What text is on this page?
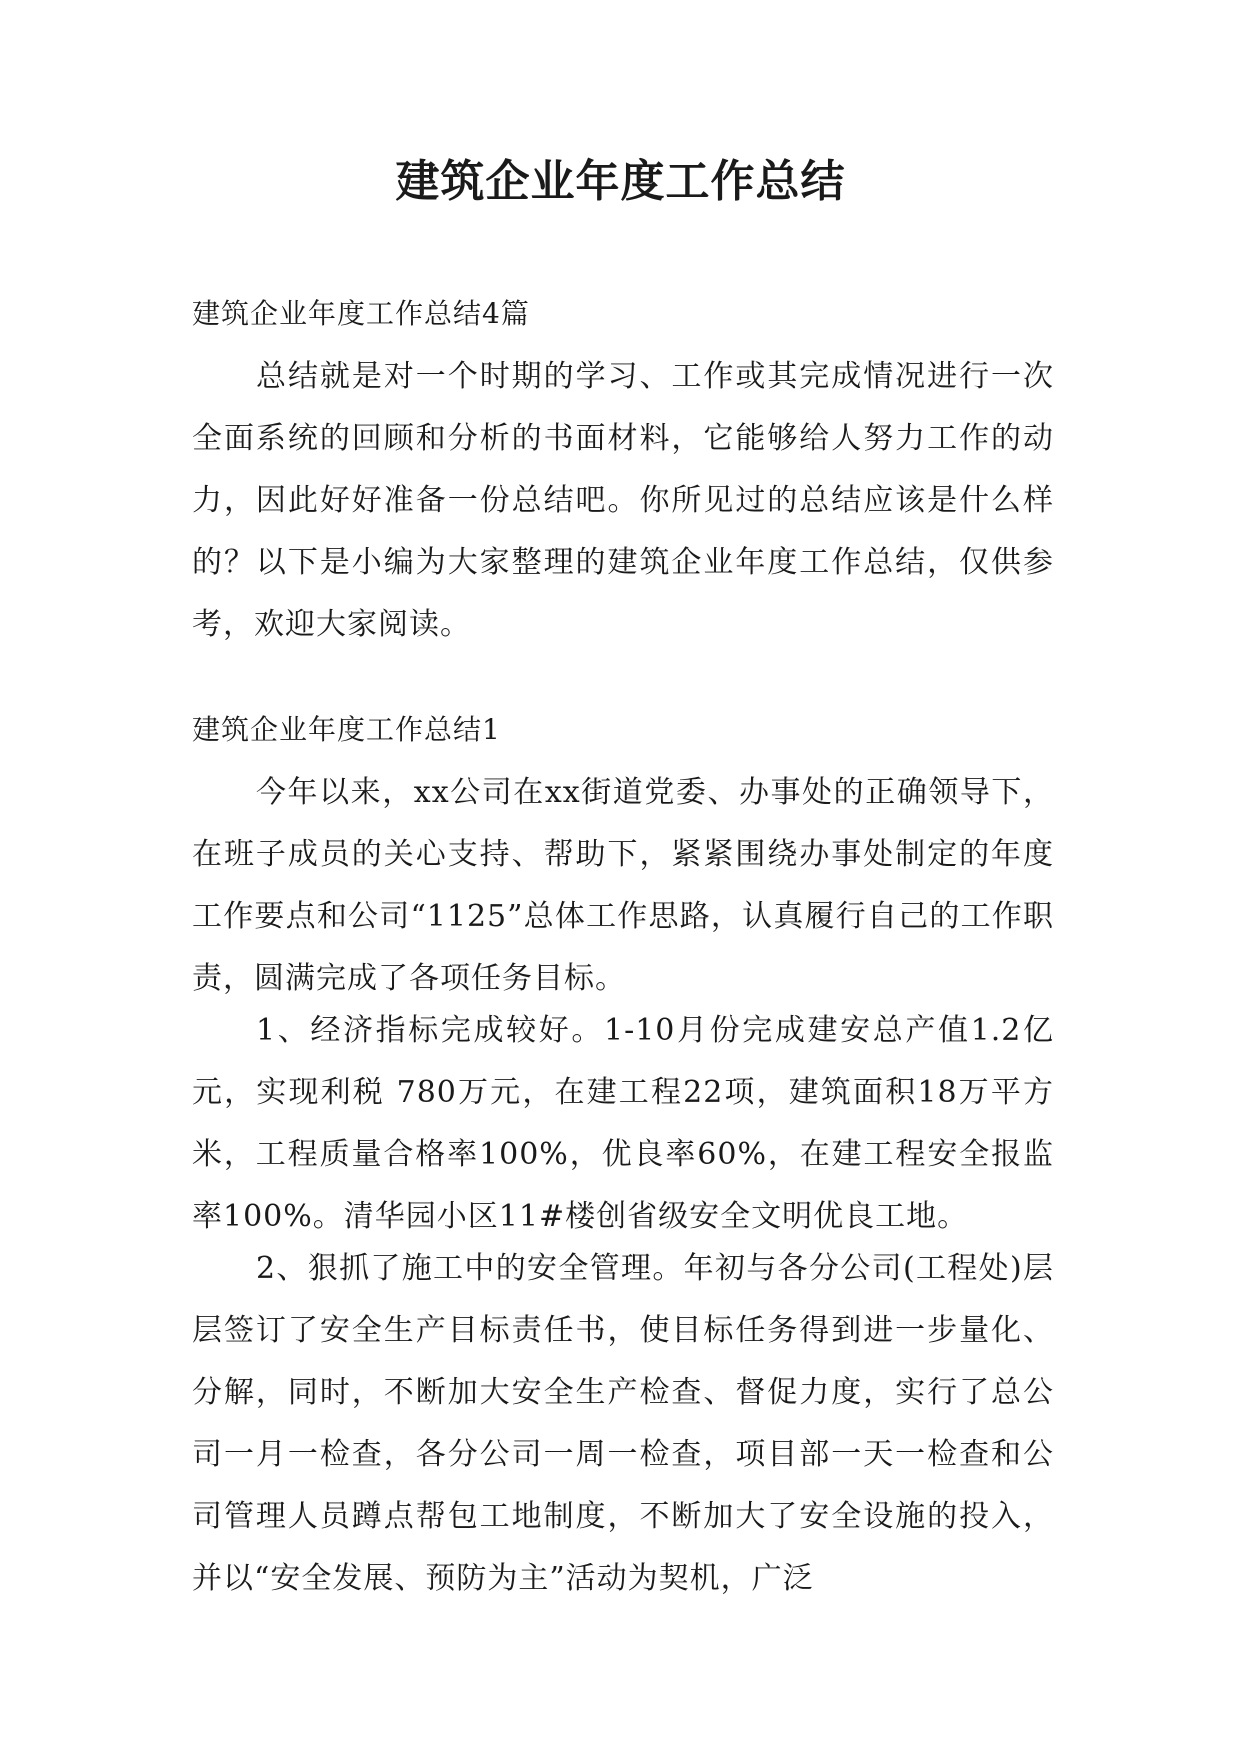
建筑企业年度工作总结
建筑企业年度工作总结4篇

总结就是对一个时期的学习、工作或其完成情况进行一次全面系统的回顾和分析的书面材料，它能够给人努力工作的动力，因此好好准备一份总结吧。你所见过的总结应该是什么样的？以下是小编为大家整理的建筑企业年度工作总结，仅供参考，欢迎大家阅读。

建筑企业年度工作总结1

今年以来，xx公司在xx街道党委、办事处的正确领导下，在班子成员的关心支持、帮助下，紧紧围绕办事处制定的年度工作要点和公司“1125”总体工作思路，认真履行自己的工作职责，圆满完成了各项任务目标。

1、经济指标完成较好。1-10月份完成建安总产值1.2亿元，实现利税 780万元，在建工程22项，建筑面积18万平方米，工程质量合格率100%，优良率60%，在建工程安全报监率100%。清华园小区11#楼创省级安全文明优良工地。

2、狠抓了施工中的安全管理。年初与各分公司(工程处)层层签订了安全生产目标责任书，使目标任务得到进一步量化、分解，同时，不断加大安全生产检查、督促力度，实行了总公司一月一检查，各分公司一周一检查，项目部一天一检查和公司管理人员蹲点帮包工地制度，不断加大了安全设施的投入，并以“安全发展、预防为主”活动为契机，广泛
